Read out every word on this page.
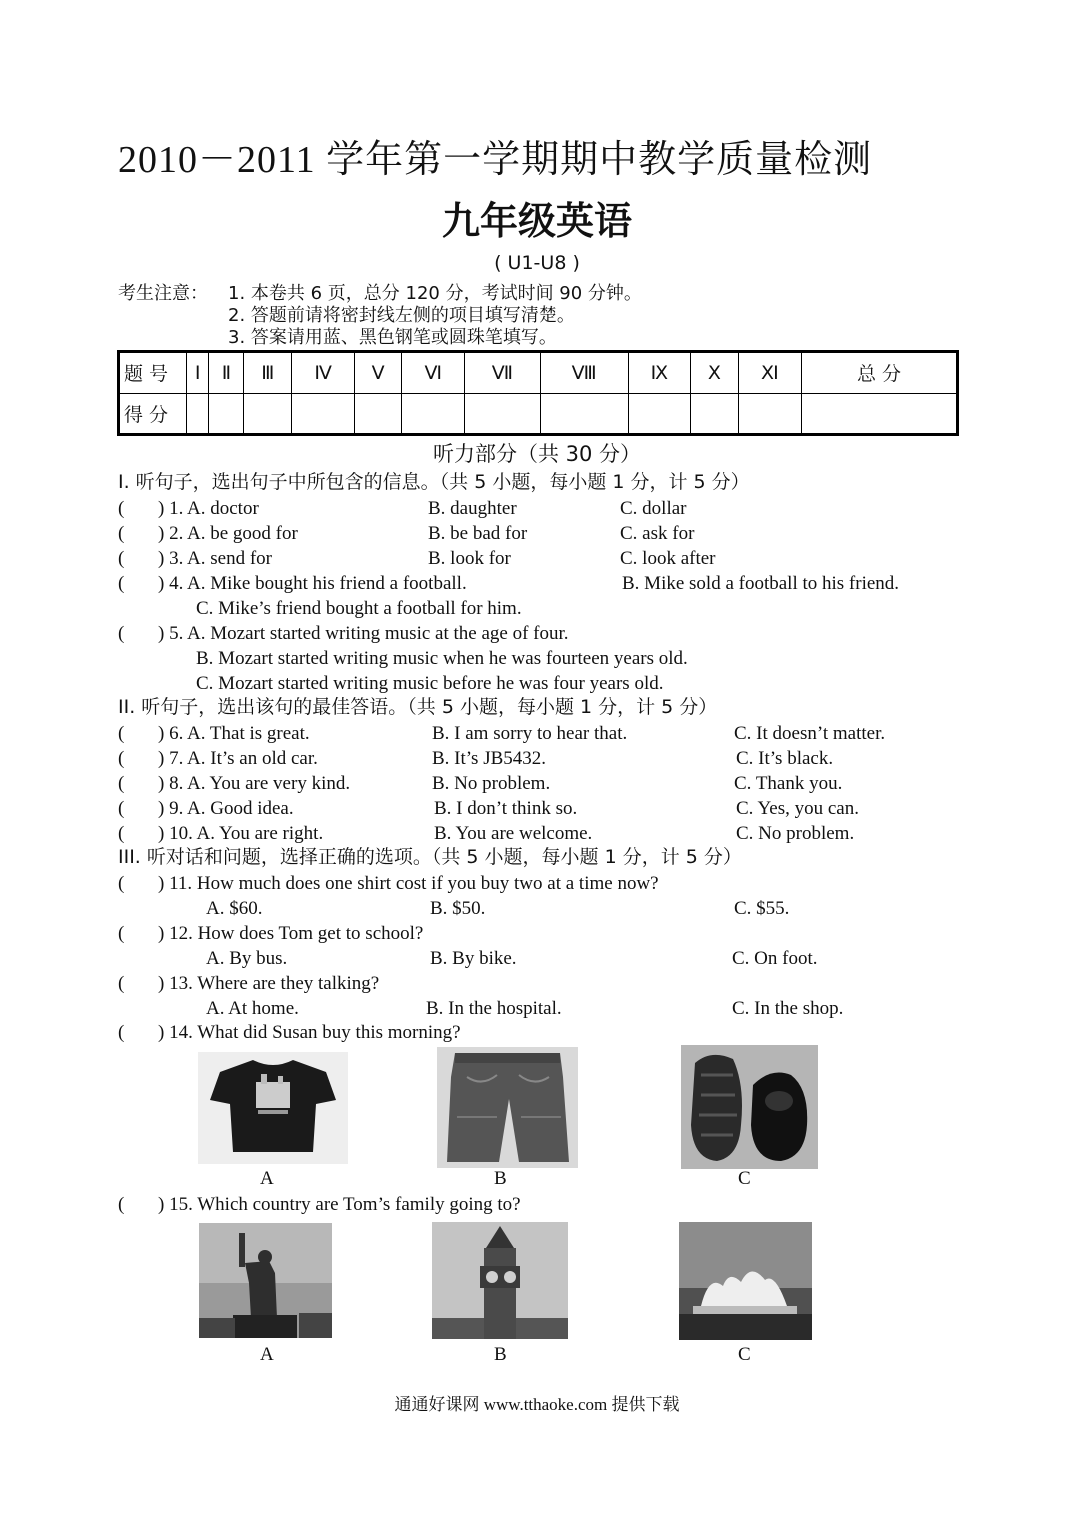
2010－2011 学年第一学期期中教学质量检测
九年级英语
( U1-U8 )
考生注意： 1. 本卷共 6 页，总分 120 分，考试时间 90 分钟。
2. 答题前请将密封线左侧的项目填写清楚。
3. 答案请用蓝、黑色钢笔或圆珠笔填写。
题 号	Ⅰ	Ⅱ	Ⅲ	Ⅳ	Ⅴ	Ⅵ	Ⅶ	Ⅷ	Ⅸ	Ⅹ	Ⅺ	总 分
得 分												
听力部分（共 30 分）
I. 听句子，选出句子中所包含的信息。（共 5 小题，每小题 1 分，计 5 分）
( ) 1. A. doctor	B. daughter	C. dollar
( ) 2. A. be good for	B. be bad for	C. ask for
( ) 3. A. send for	B. look for	C. look after
( ) 4. A. Mike bought his friend a football.	B. Mike sold a football to his friend.
C. Mike’s friend bought a football for him.
( ) 5. A. Mozart started writing music at the age of four.
B. Mozart started writing music when he was fourteen years old.
C. Mozart started writing music before he was four years old.
II. 听句子，选出该句的最佳答语。（共 5 小题，每小题 1 分，计 5 分）
( ) 6. A. That is great.	B. I am sorry to hear that.	C. It doesn’t matter.
( ) 7. A. It’s an old car.	B. It’s JB5432.	C. It’s black.
( ) 8. A. You are very kind.	B. No problem.	C. Thank you.
( ) 9. A. Good idea.	B. I don’t think so.	C. Yes, you can.
( ) 10. A. You are right.	B. You are welcome.	C. No problem.
III. 听对话和问题，选择正确的选项。（共 5 小题，每小题 1 分，计 5 分）
( ) 11. How much does one shirt cost if you buy two at a time now?
A. $60.	B. $50.	C. $55.
( ) 12. How does Tom get to school?
A. By bus.	B. By bike.	C. On foot.
( ) 13. Where are they talking?
A. At home.	B. In the hospital.	C. In the shop.
( ) 14. What did Susan buy this morning?
A	B	C
( ) 15. Which country are Tom’s family going to?
A	B	C
通通好课网 www.tthaoke.com 提供下载
